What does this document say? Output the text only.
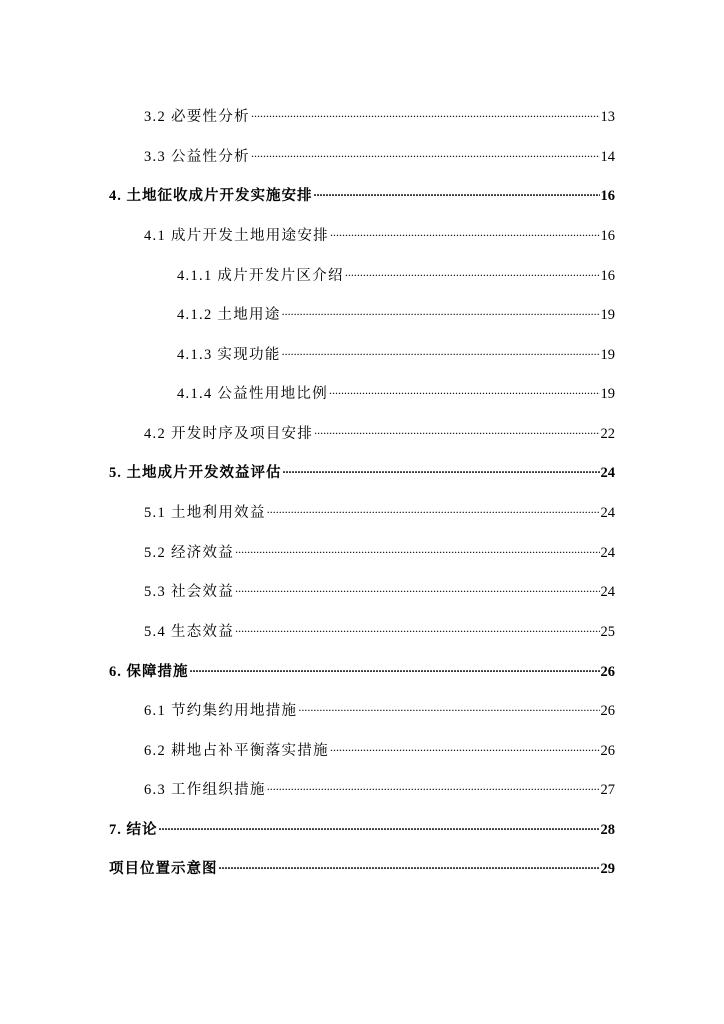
3.2 必要性分析 .....	13
3.3 公益性分析 .....	14
4. 土地征收成片开发实施安排 .....	16
4.1 成片开发土地用途安排 .....	16
4.1.1 成片开发片区介绍 .....	16
4.1.2 土地用途 .....	19
4.1.3 实现功能 .....	19
4.1.4 公益性用地比例 .....	19
4.2 开发时序及项目安排 .....	22
5. 土地成片开发效益评估 .....	24
5.1 土地利用效益 .....	24
5.2 经济效益 .....	24
5.3 社会效益 .....	24
5.4 生态效益 .....	25
6. 保障措施 .....	26
6.1 节约集约用地措施 .....	26
6.2 耕地占补平衡落实措施 .....	26
6.3 工作组织措施 .....	27
7. 结论 .....	28
项目位置示意图 .....	29
